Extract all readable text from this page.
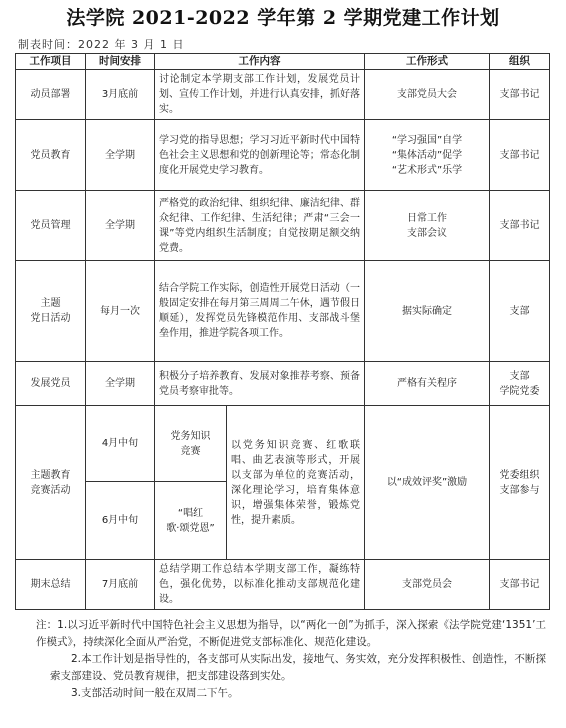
法学院 2021-2022 学年第 2 学期党建工作计划
制表时间：2022 年 3 月 1 日
工作项目	时间安排	工作内容		工作形式	组织
动员部署	3月底前	讨论制定本学期支部工作计划，发展党员计划、宣传工作计划，并进行认真安排，抓好落实。		支部党员大会	支部书记
党员教育	全学期	学习党的指导思想；学习习近平新时代中国特色社会主义思想和党的创新理论等；常态化制度化开展党史学习教育。		“学习强国”自学
“集体活动”促学
“艺术形式”乐学	支部书记
党员管理	全学期	严格党的政治纪律、组织纪律、廉洁纪律、群众纪律、工作纪律、生活纪律；严肃“三会一课”等党内组织生活制度；自觉按期足额交纳党费。		日常工作
支部会议	支部书记
主题
党日活动	每月一次	结合学院工作实际，创造性开展党日活动（一般固定安排在每月第三周周二午休，遇节假日顺延），发挥党员先锋模范作用、支部战斗堡垒作用，推进学院各项工作。		据实际确定	支部
发展党员	全学期	积极分子培养教育、发展对象推荐考察、预备党员考察审批等。		严格有关程序	支部
学院党委
主题教育
竞赛活动	4月中旬	党务知识
竞赛	以党务知识竞赛、红歌联唱、曲艺表演等形式，开展以支部为单位的竞赛活动，深化理论学习，培育集体意识，增强集体荣誉，锻炼党性，提升素质。	以“成效评奖”激励	党委组织
支部参与
	6月中旬	“唱红
歌·颂党恩”			
期末总结	7月底前	总结学期工作总结本学期支部工作，凝练特色，强化优势，以标准化推动支部规范化建设。		支部党员会	支部书记

注：1.以习近平新时代中国特色社会主义思想为指导，以“两化一创”为抓手，深入探索《法学院党建‘1351’工作模式》，持续深化全面从严治党，不断促进党支部标准化、规范化建设。

2.本工作计划是指导性的，各支部可从实际出发，接地气、务实效，充分发挥积极性、创造性，不断探索支部建设、党员教育规律，把支部建设落到实处。

3.支部活动时间一般在双周二下午。
